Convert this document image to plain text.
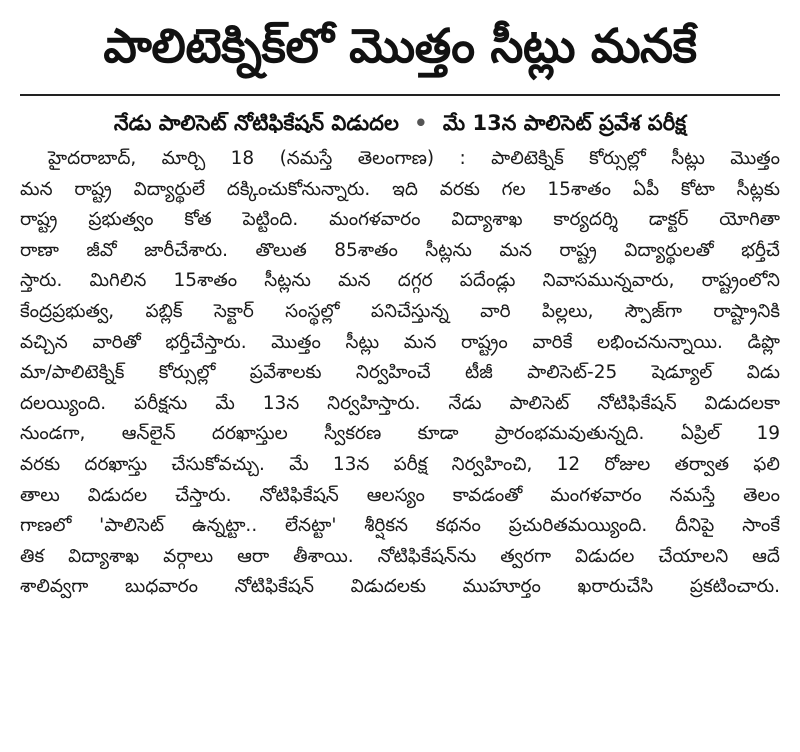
పాలిటెక్నిక్‌లో మొత్తం సీట్లు మనకే
నేడు పాలిసెట్ నోటిఫికేషన్ విడుదల • మే 13న పాలిసెట్ ప్రవేశ పరీక్ష
హైదరాబాద్, మార్చి 18 (నమస్తే తెలంగాణ) : పాలిటెక్నిక్ కోర్సుల్లో సీట్లు మొత్తం
మన రాష్ట్ర విద్యార్థులే దక్కించుకోనున్నారు. ఇది వరకు గల 15శాతం ఏపీ కోటా సీట్లకు
రాష్ట్ర ప్రభుత్వం కోత పెట్టింది. మంగళవారం విద్యాశాఖ కార్యదర్శి డాక్టర్ యోగితా
రాణా జీవో జారీచేశారు. తొలుత 85శాతం సీట్లను మన రాష్ట్ర విద్యార్థులతో భర్తీచే
స్తారు. మిగిలిన 15శాతం సీట్లను మన దగ్గర పదేండ్లు నివాసమున్నవారు, రాష్ట్రంలోని
కేంద్రప్రభుత్వ, పబ్లిక్ సెక్టార్ సంస్థల్లో పనిచేస్తున్న వారి పిల్లలు, స్పౌజ్‌గా రాష్ట్రానికి
వచ్చిన వారితో భర్తీచేస్తారు. మొత్తం సీట్లు మన రాష్ట్రం వారికే లభించనున్నాయి. డిప్లొ
మా/పాలిటెక్నిక్ కోర్సుల్లో ప్రవేశాలకు నిర్వహించే టీజీ పాలిసెట్-25 షెడ్యూల్ విడు
దలయ్యింది. పరీక్షను మే 13న నిర్వహిస్తారు. నేడు పాలిసెట్ నోటిఫికేషన్ విడుదలకా
నుండగా, ఆన్‌లైన్ దరఖాస్తుల స్వీకరణ కూడా ప్రారంభమవుతున్నది. ఏప్రిల్ 19
వరకు దరఖాస్తు చేసుకోవచ్చు. మే 13న పరీక్ష నిర్వహించి, 12 రోజుల తర్వాత ఫలి
తాలు విడుదల చేస్తారు. నోటిఫికేషన్ ఆలస్యం కావడంతో మంగళవారం నమస్తే తెలం
గాణలో 'పాలిసెట్ ఉన్నట్టా.. లేనట్టా' శీర్షికన కథనం ప్రచురితమయ్యింది. దీనిపై సాంకే
తిక విద్యాశాఖ వర్గాలు ఆరా తీశాయి. నోటిఫికేషన్‌ను త్వరగా విడుదల చేయాలని ఆదే
శాలివ్వగా బుధవారం నోటిఫికేషన్ విడుదలకు ముహూర్తం ఖరారుచేసి ప్రకటించారు.
